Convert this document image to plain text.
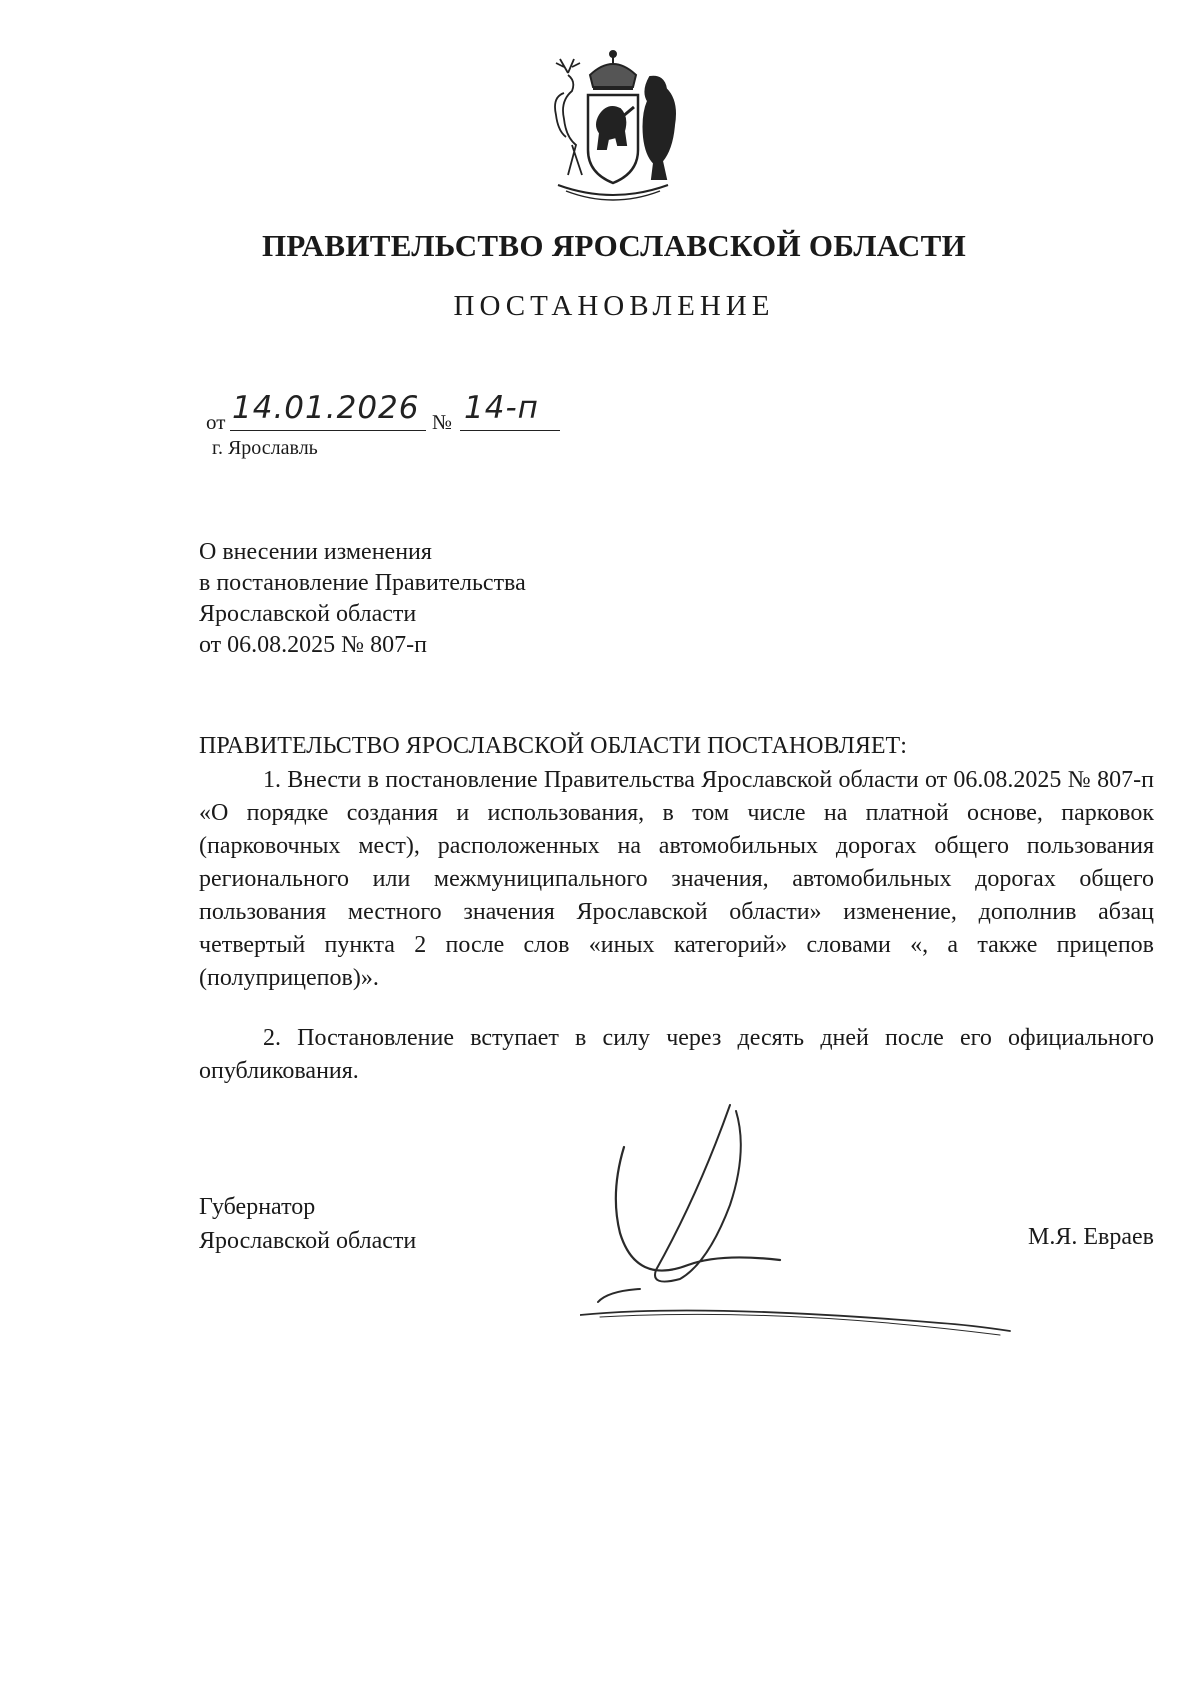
ПРАВИТЕЛЬСТВО ЯРОСЛАВСКОЙ ОБЛАСТИ
ПОСТАНОВЛЕНИЕ
от 14.01.2026 № 14-п
г. Ярославль
О внесении изменения
в постановление Правительства
Ярославской области
от 06.08.2025 № 807-п
ПРАВИТЕЛЬСТВО ЯРОСЛАВСКОЙ ОБЛАСТИ ПОСТАНОВЛЯЕТ:
1. Внести в постановление Правительства Ярославской области от 06.08.2025 № 807-п «О порядке создания и использования, в том числе на платной основе, парковок (парковочных мест), расположенных на автомобильных дорогах общего пользования регионального или межмуниципального значения, автомобильных дорогах общего пользования местного значения Ярославской области» изменение, дополнив абзац четвертый пункта 2 после слов «иных категорий» словами «, а также прицепов (полуприцепов)».
2. Постановление вступает в силу через десять дней после его официального опубликования.
Губернатор
Ярославской области	М.Я. Евраев
